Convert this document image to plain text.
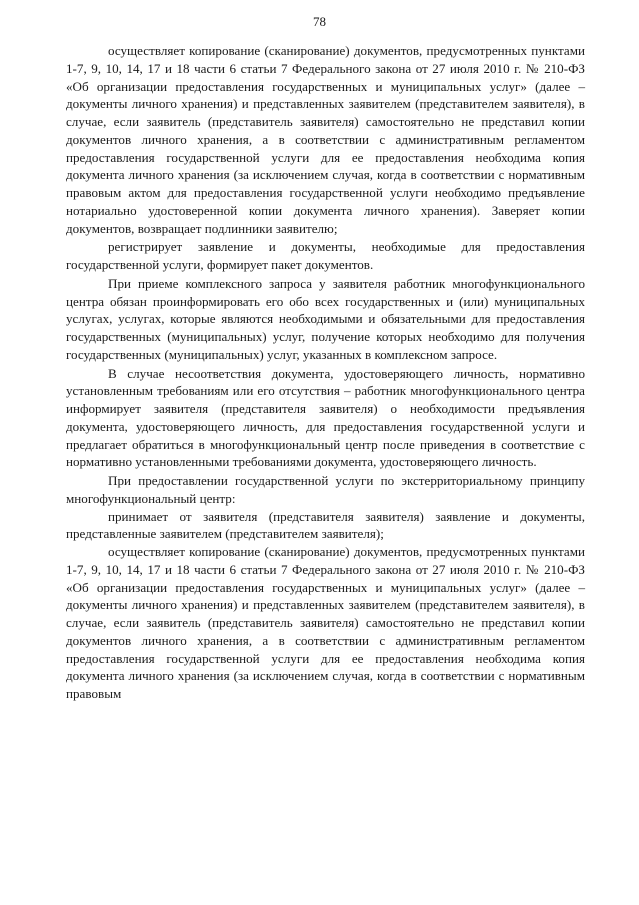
78

осуществляет копирование (сканирование) документов, предусмотренных пунктами 1-7, 9, 10, 14, 17 и 18 части 6 статьи 7 Федерального закона от 27 июля 2010 г. № 210-ФЗ «Об организации предоставления государственных и муниципальных услуг» (далее – документы личного хранения) и представленных заявителем (представителем заявителя), в случае, если заявитель (представитель заявителя) самостоятельно не представил копии документов личного хранения, а в соответствии с административным регламентом предоставления государственной услуги для ее предоставления необходима копия документа личного хранения (за исключением случая, когда в соответствии с нормативным правовым актом для предоставления государственной услуги необходимо предъявление нотариально удостоверенной копии документа личного хранения). Заверяет копии документов, возвращает подлинники заявителю;

регистрирует заявление и документы, необходимые для предоставления государственной услуги, формирует пакет документов.

При приеме комплексного запроса у заявителя работник многофункционального центра обязан проинформировать его обо всех государственных и (или) муниципальных услугах, услугах, которые являются необходимыми и обязательными для предоставления государственных (муниципальных) услуг, получение которых необходимо для получения государственных (муниципальных) услуг, указанных в комплексном запросе.

В случае несоответствия документа, удостоверяющего личность, нормативно установленным требованиям или его отсутствия – работник многофункционального центра информирует заявителя (представителя заявителя) о необходимости предъявления документа, удостоверяющего личность, для предоставления государственной услуги и предлагает обратиться в многофункциональный центр после приведения в соответствие с нормативно установленными требованиями документа, удостоверяющего личность.

При предоставлении государственной услуги по экстерриториальному принципу многофункциональный центр:

принимает от заявителя (представителя заявителя) заявление и документы, представленные заявителем (представителем заявителя);

осуществляет копирование (сканирование) документов, предусмотренных пунктами 1-7, 9, 10, 14, 17 и 18 части 6 статьи 7 Федерального закона от 27 июля 2010 г. № 210-ФЗ «Об организации предоставления государственных и муниципальных услуг» (далее – документы личного хранения) и представленных заявителем (представителем заявителя), в случае, если заявитель (представитель заявителя) самостоятельно не представил копии документов личного хранения, а в соответствии с административным регламентом предоставления государственной услуги для ее предоставления необходима копия документа личного хранения (за исключением случая, когда в соответствии с нормативным правовым
